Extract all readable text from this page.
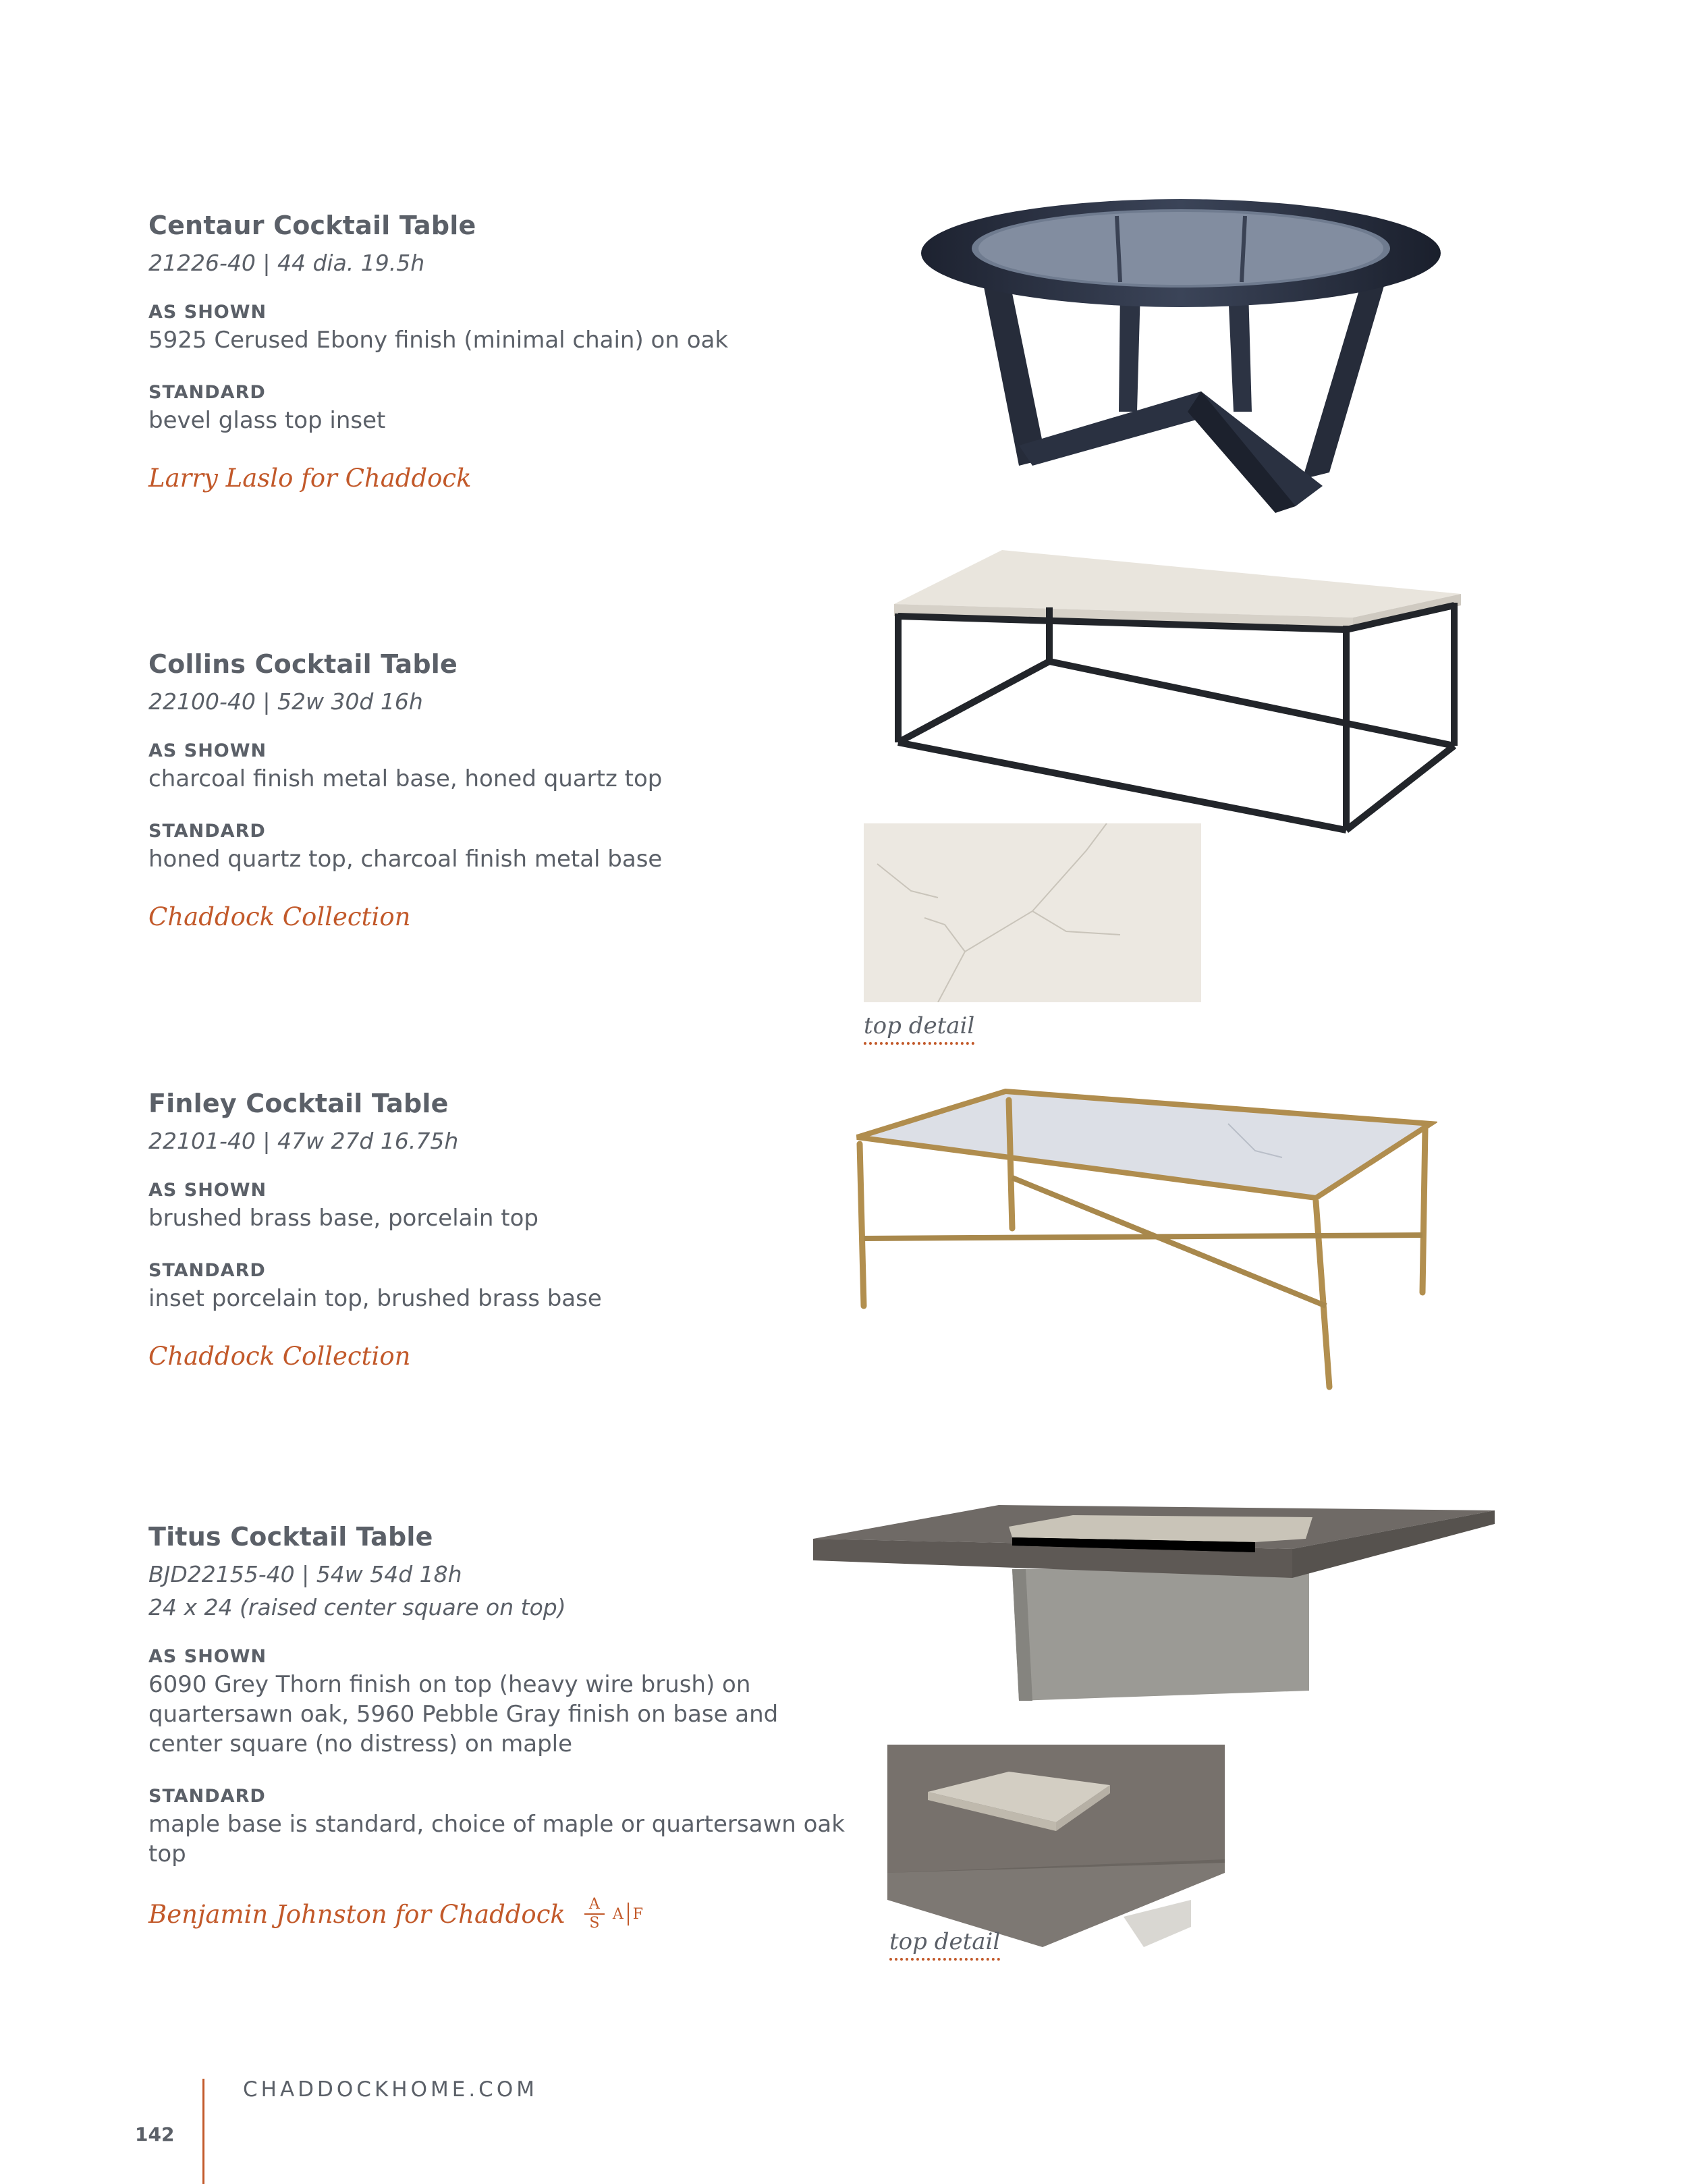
Centaur Cocktail Table
21226-40 | 44 dia. 19.5h
AS SHOWN

5925 Cerused Ebony finish (minimal chain) on oak

STANDARD

bevel glass top inset

Larry Laslo for Chaddock
Collins Cocktail Table
22100-40 | 52w 30d 16h
AS SHOWN

charcoal finish metal base, honed quartz top

STANDARD

honed quartz top, charcoal finish metal base

Chaddock Collection
top detail
Finley Cocktail Table
22101-40 | 47w 27d 16.75h
AS SHOWN

brushed brass base, porcelain top

STANDARD

inset porcelain top, brushed brass base

Chaddock Collection
Titus Cocktail Table
BJD22155-40 | 54w 54d 18h
24 x 24 (raised center square on top)
AS SHOWN

6090 Grey Thorn finish on top (heavy wire brush) on quartersawn oak, 5960 Pebble Gray finish on base and center square (no distress) on maple

STANDARD

maple base is standard, choice of maple or quartersawn oak top

Benjamin Johnston for Chaddock $\frac{A}{S}$ A F
top detail
CHADDOCKHOME.COM
142
